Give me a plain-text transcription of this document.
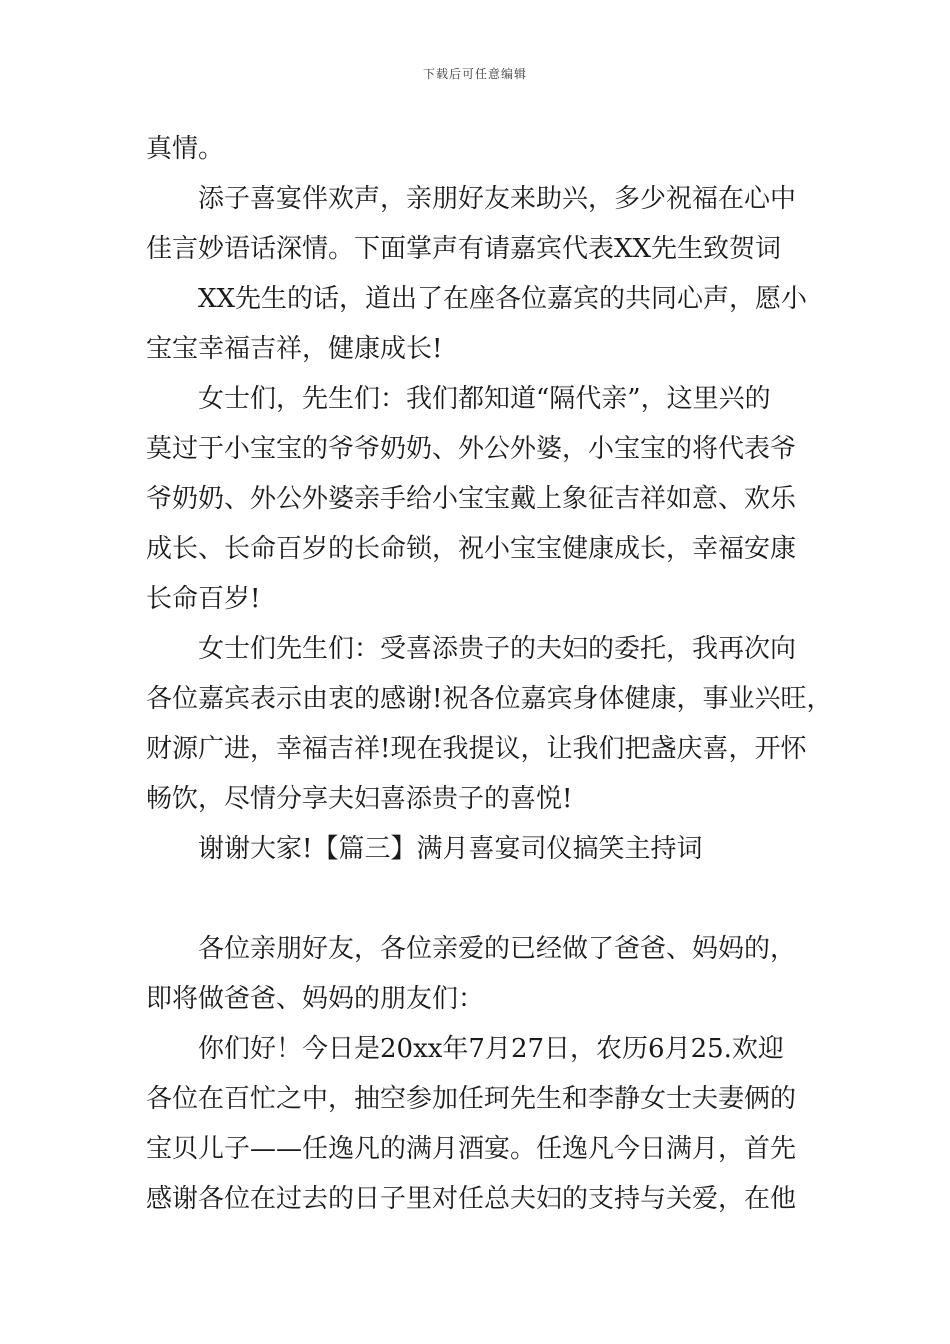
下载后可任意编辑

真情。

添子喜宴伴欢声，亲朋好友来助兴，多少祝福在心中

佳言妙语话深情。下面掌声有请嘉宾代表XX先生致贺词

XX先生的话，道出了在座各位嘉宾的共同心声，愿小

宝宝幸福吉祥，健康成长!

女士们，先生们：我们都知道“隔代亲”，这里兴的

莫过于小宝宝的爷爷奶奶、外公外婆，小宝宝的将代表爷

爷奶奶、外公外婆亲手给小宝宝戴上象征吉祥如意、欢乐

成长、长命百岁的长命锁，祝小宝宝健康成长，幸福安康

长命百岁!

女士们先生们：受喜添贵子的夫妇的委托，我再次向

各位嘉宾表示由衷的感谢!祝各位嘉宾身体健康，事业兴旺，

财源广进，幸福吉祥!现在我提议，让我们把盏庆喜，开怀

畅饮，尽情分享夫妇喜添贵子的喜悦!

谢谢大家!【篇三】满月喜宴司仪搞笑主持词

各位亲朋好友，各位亲爱的已经做了爸爸、妈妈的，

即将做爸爸、妈妈的朋友们：

你们好！今日是20xx年7月27日，农历6月25.欢迎

各位在百忙之中，抽空参加任珂先生和李静女士夫妻俩的

宝贝儿子——任逸凡的满月酒宴。任逸凡今日满月，首先

感谢各位在过去的日子里对任总夫妇的支持与关爱，在他
